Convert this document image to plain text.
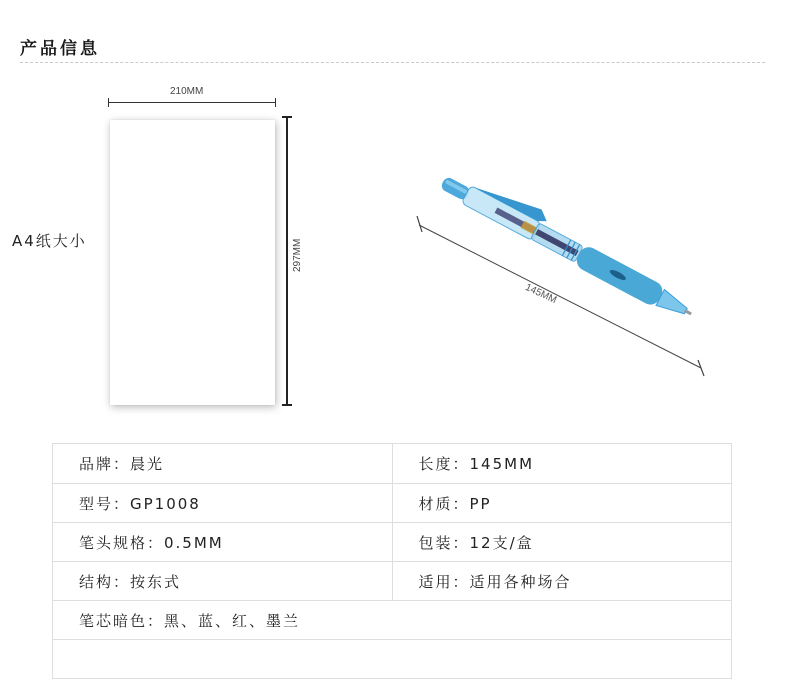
产品信息
A4纸大小
210MM
297MM
145MM
品牌：晨光	长度：145MM
型号：GP1008	材质：PP
笔头规格：0.5MM	包装：12支/盒
结构：按东式	适用：适用各种场合
笔芯暗色：黑、蓝、红、墨兰	
